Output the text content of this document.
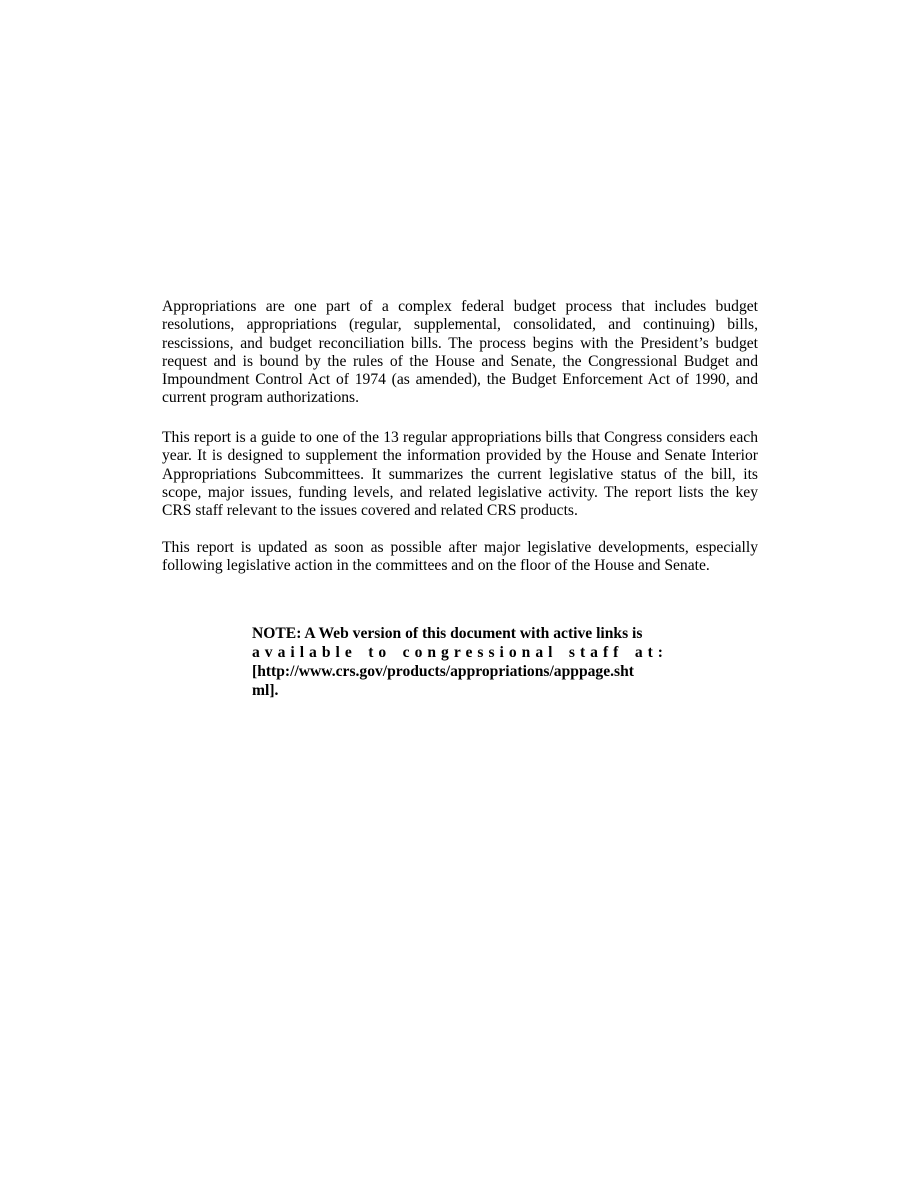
Appropriations are one part of a complex federal budget process that includes budget resolutions, appropriations (regular, supplemental, consolidated, and continuing) bills, rescissions, and budget reconciliation bills. The process begins with the President’s budget request and is bound by the rules of the House and Senate, the Congressional Budget and Impoundment Control Act of 1974 (as amended), the Budget Enforcement Act of 1990, and current program authorizations.

This report is a guide to one of the 13 regular appropriations bills that Congress considers each year. It is designed to supplement the information provided by the House and Senate Interior Appropriations Subcommittees. It summarizes the current legislative status of the bill, its scope, major issues, funding levels, and related legislative activity. The report lists the key CRS staff relevant to the issues covered and related CRS products.

This report is updated as soon as possible after major legislative developments, especially following legislative action in the committees and on the floor of the House and Senate.

NOTE: A Web version of this document with active links is
available to congressional staff at:
[http://www.crs.gov/products/appropriations/apppage.sht
ml].
